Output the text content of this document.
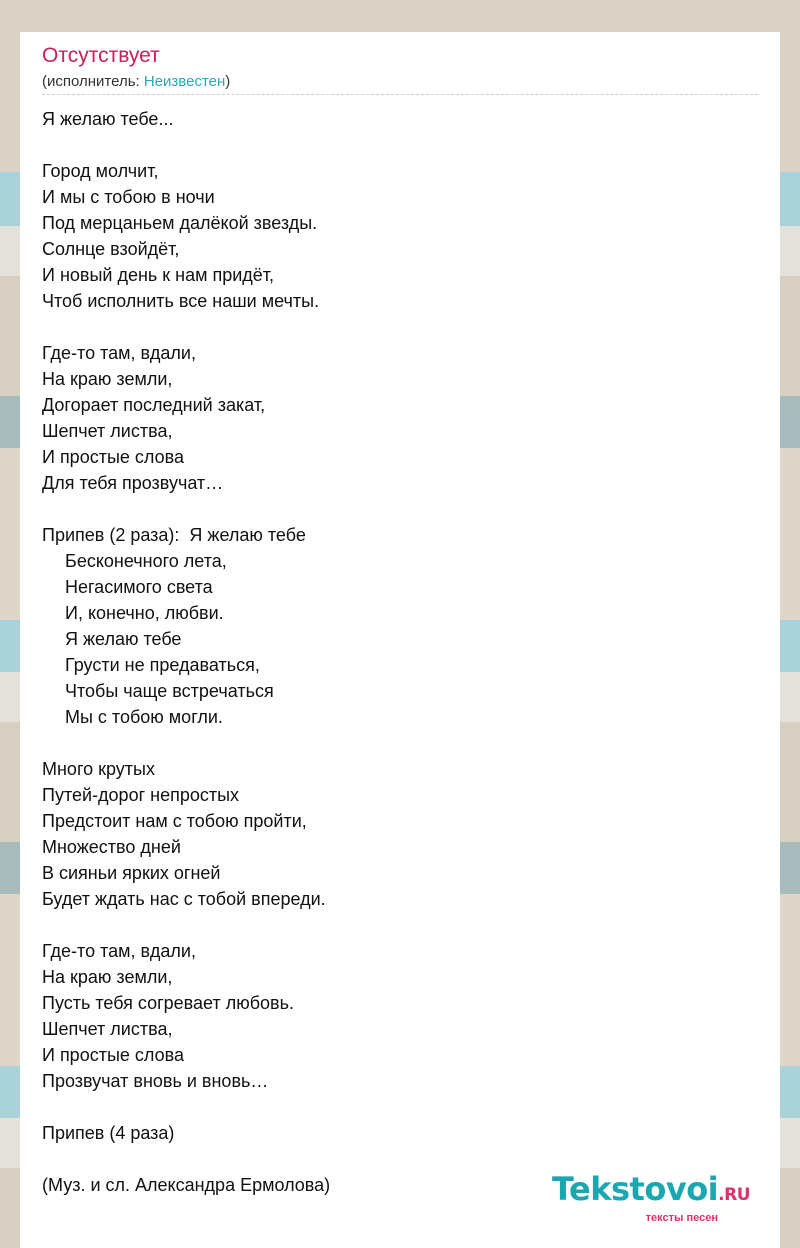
Отсутствует
(исполнитель: Неизвестен)
Я желаю тебе...
Город молчит,
И мы с тобою в ночи
Под мерцаньем далёкой звезды.
Солнце взойдёт,
И новый день к нам придёт,
Чтоб исполнить все наши мечты.
Где-то там, вдали,
На краю земли,
Догорает последний закат,
Шепчет листва,
И простые слова
Для тебя прозвучат…
Припев (2 раза):  Я желаю тебе
Бесконечного лета,
Негасимого света
И, конечно, любви.
Я желаю тебе
Грусти не предаваться,
Чтобы чаще встречаться
Мы с тобою могли.
Много крутых
Путей-дорог непростых
Предстоит нам с тобою пройти,
Множество дней
В сияньи ярких огней
Будет ждать нас с тобой впереди.
Где-то там, вдали,
На краю земли,
Пусть тебя согревает любовь.
Шепчет листва,
И простые слова
Прозвучат вновь и вновь…
Припев (4 раза)
(Муз. и сл. Александра Ермолова)	Tekstovoi.RU
тексты песен
